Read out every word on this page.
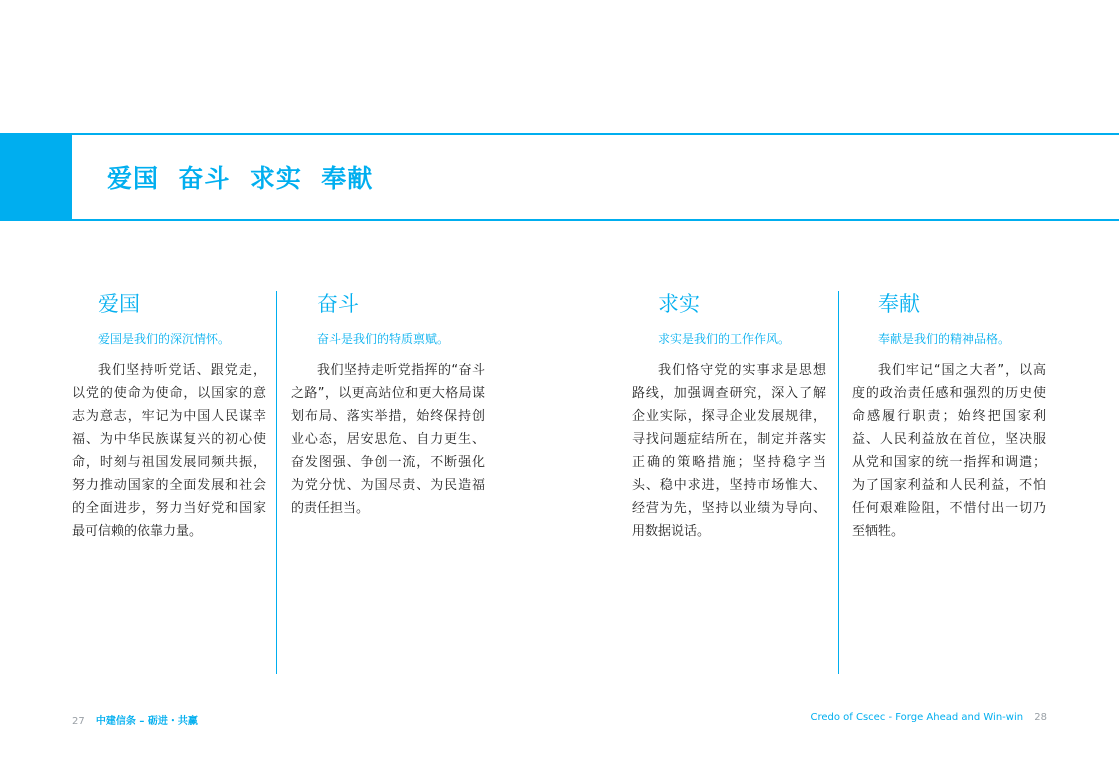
爱国  奋斗  求实  奉献
爱国
爱国是我们的深沉情怀。
我们坚持听党话、跟党走，以党的使命为使命，以国家的意志为意志，牢记为中国人民谋幸福、为中华民族谋复兴的初心使命，时刻与祖国发展同频共振，努力推动国家的全面发展和社会的全面进步，努力当好党和国家最可信赖的依靠力量。
奋斗
奋斗是我们的特质禀赋。
我们坚持走听党指挥的“奋斗之路”，以更高站位和更大格局谋划布局、落实举措，始终保持创业心态，居安思危、自力更生、奋发图强、争创一流，不断强化为党分忧、为国尽责、为民造福的责任担当。
求实
求实是我们的工作作风。
我们恪守党的实事求是思想路线，加强调查研究，深入了解企业实际，探寻企业发展规律，寻找问题症结所在，制定并落实正确的策略措施；坚持稳字当头、稳中求进，坚持市场惟大、经营为先，坚持以业绩为导向、用数据说话。
奉献
奉献是我们的精神品格。
我们牢记“国之大者”，以高度的政治责任感和强烈的历史使命感履行职责；始终把国家利益、人民利益放在首位，坚决服从党和国家的统一指挥和调遣；为了国家利益和人民利益，不怕任何艰难险阻，不惜付出一切乃至牺牲。
27 中建信条 – 砺进・共赢	Credo of Cscec - Forge Ahead and Win-win 28
